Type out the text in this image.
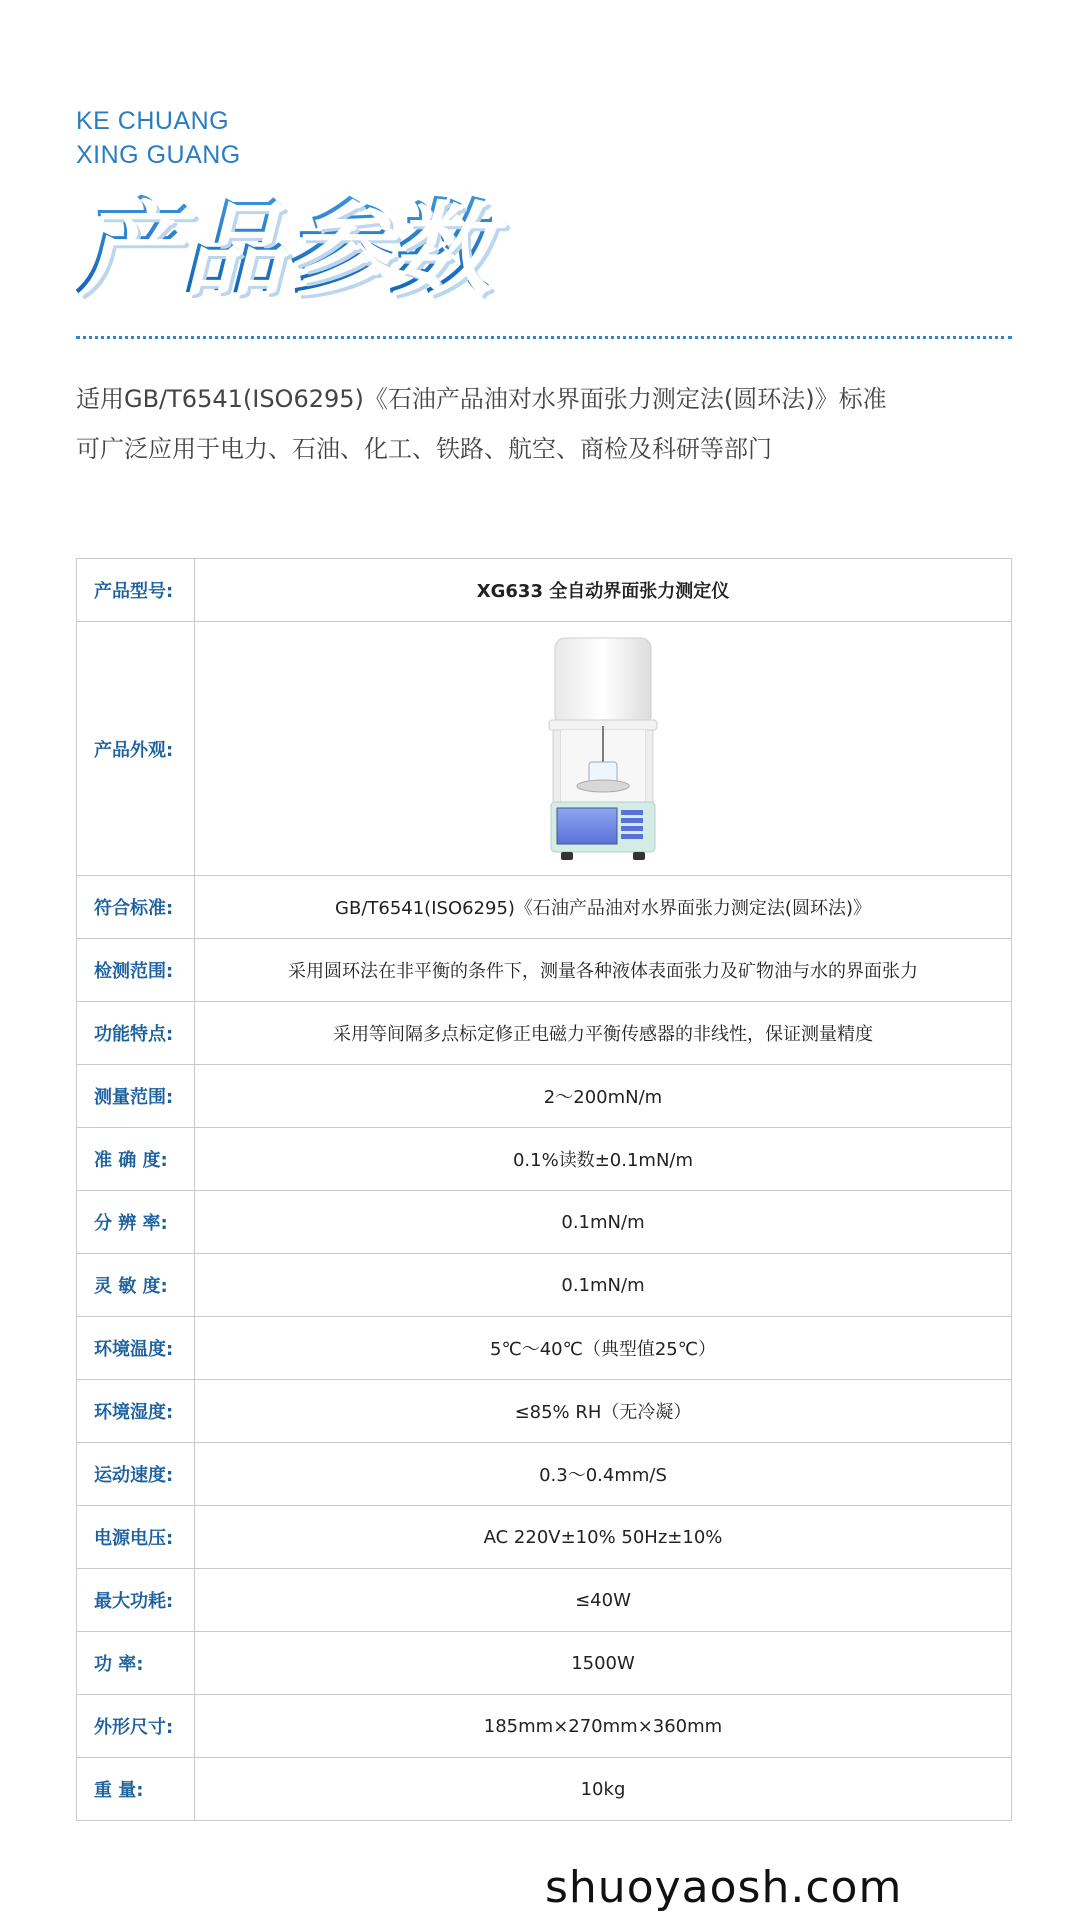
KE CHUANG
XING GUANG
产品参数
适用GB/T6541(ISO6295)《石油产品油对水界面张力测定法(圆环法)》标准
可广泛应用于电力、石油、化工、铁路、航空、商检及科研等部门
产品型号:	XG633 全自动界面张力测定仪
产品外观:	
符合标准:	GB/T6541(ISO6295)《石油产品油对水界面张力测定法(圆环法)》
检测范围:	采用圆环法在非平衡的条件下，测量各种液体表面张力及矿物油与水的界面张力
功能特点:	采用等间隔多点标定修正电磁力平衡传感器的非线性，保证测量精度
测量范围:	2～200mN/m
准 确 度:	0.1%读数±0.1mN/m
分 辨 率:	0.1mN/m
灵 敏 度:	0.1mN/m
环境温度:	5℃～40℃（典型值25℃）
环境湿度:	≤85% RH（无冷凝）
运动速度:	0.3～0.4mm/S
电源电压:	AC 220V±10% 50Hz±10%
最大功耗:	≤40W
功 率:	1500W
外形尺寸:	185mm×270mm×360mm
重 量:	10kg
shuoyaosh.com
